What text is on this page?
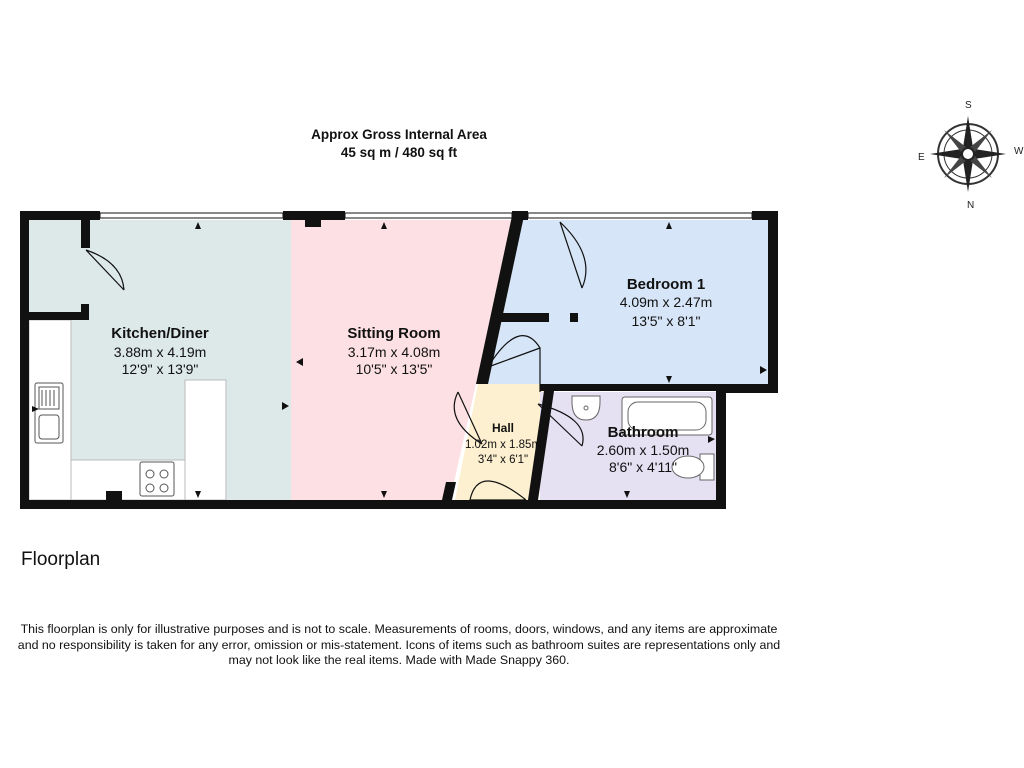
Approx Gross Internal Area
45 sq m / 480 sq ft
S
N
W
E
Kitchen/Diner
3.88m x 4.19m
12'9" x 13'9"
Sitting Room
3.17m x 4.08m
10'5" x 13'5"
Bedroom 1
4.09m x 2.47m
13'5" x 8'1"
Hall
1.02m x 1.85m
3'4" x 6'1"
Bathroom
2.60m x 1.50m
8'6" x 4'11"
Floorplan
This floorplan is only for illustrative purposes and is not to scale. Measurements of rooms, doors, windows, and any items are approximate
and no responsibility is taken for any error, omission or mis-statement. Icons of items such as bathroom suites are representations only and
may not look like the real items. Made with Made Snappy 360.
